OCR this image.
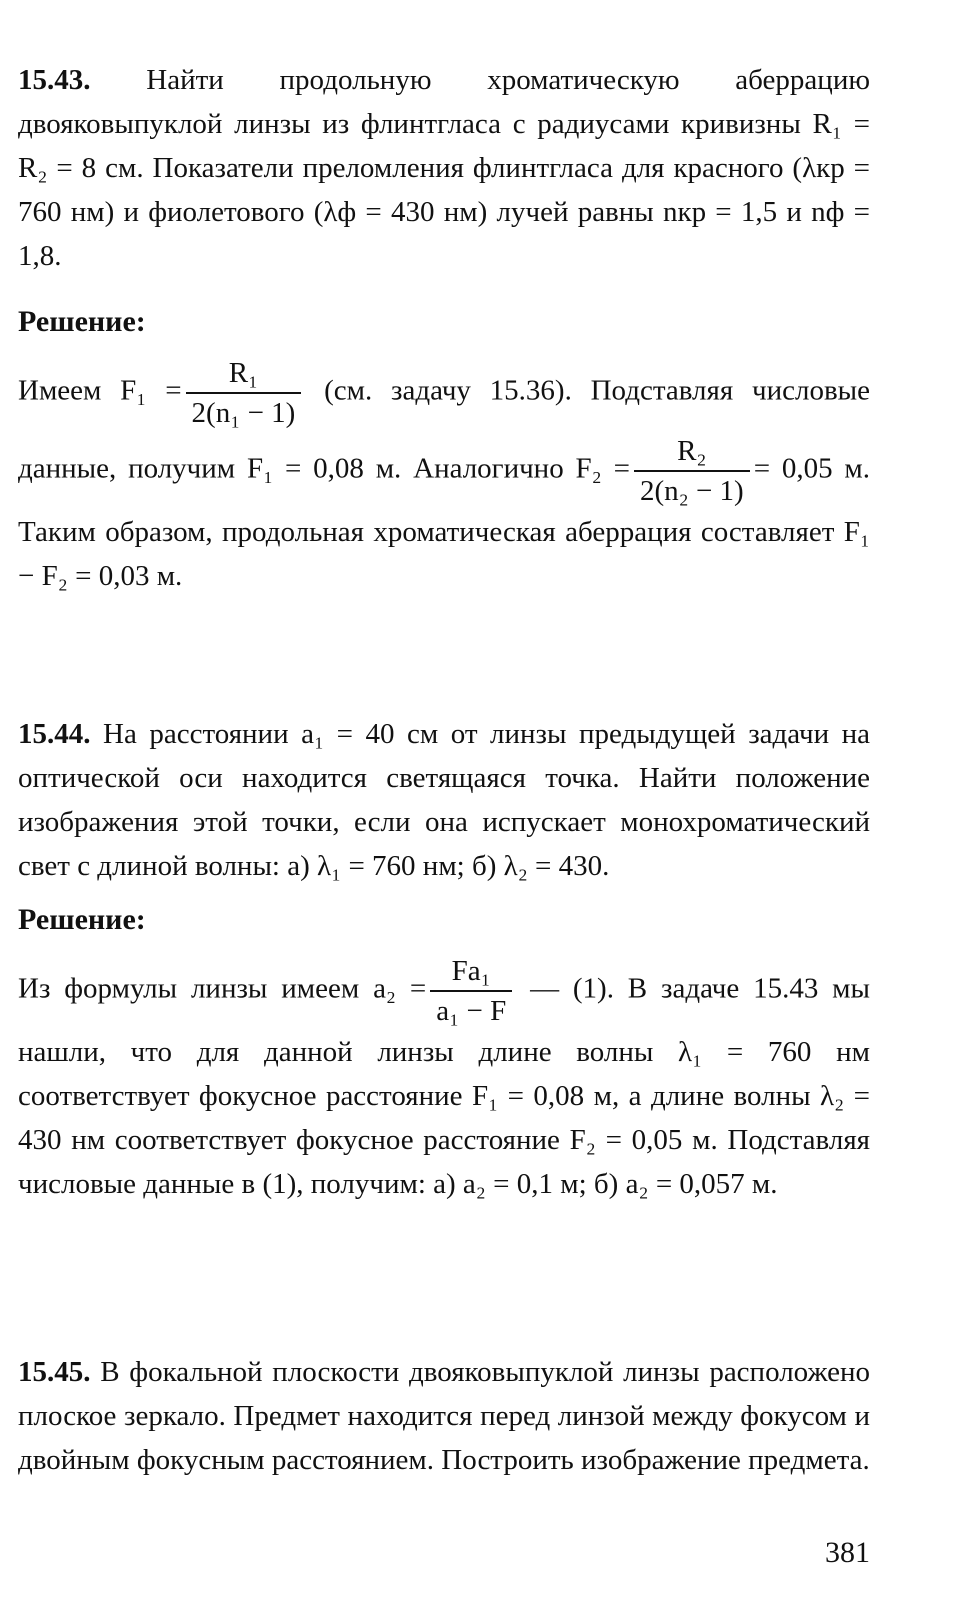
15.43. Найти продольную хроматическую аберрацию двояковыпуклой линзы из флинтгласа с радиусами кривизны R₁ = R₂ = 8 см. Показатели преломления флинтгласа для красного (λкр = 760 нм) и фиолетового (λф = 430 нм) лучей равны nкр = 1,5 и nф = 1,8.

Решение:

Имеем $F_1 = \frac{\text{R₁}}{\text{2(n₁ − 1)}} (см$. задачу 15.36). Подставляя числовые данные, получим F₁ = 0,08 м. Аналогично $F_2 = \frac{\text{R₂}}{\text{2(n₂ − 1)}} = 0,05$ м. Таким образом, продольная хроматическая аберрация составляет F₁ − F₂ = 0,03 м.

15.44. На расстоянии a₁ = 40 см от линзы предыдущей задачи на оптической оси находится светящаяся точка. Найти положение изображения этой точки, если она испускает монохроматический свет с длиной волны: а) λ₁ = 760 нм; б) λ₂ = 430.

Решение:

Из формулы линзы имеем $a_2 = \frac{\text{Fa₁}}{\text{a₁ − F}}$ — (1). В задаче 15.43 мы нашли, что для данной линзы длине волны λ₁ = 760 нм соответствует фокусное расстояние F₁ = 0,08 м, а длине волны λ₂ = 430 нм соответствует фокусное расстояние F₂ = 0,05 м. Подставляя числовые данные в (1), получим: а) a₂ = 0,1 м; б) a₂ = 0,057 м.

15.45. В фокальной плоскости двояковыпуклой линзы расположено плоское зеркало. Предмет находится перед линзой между фокусом и двойным фокусным расстоянием. Построить изображение предмета.

381
